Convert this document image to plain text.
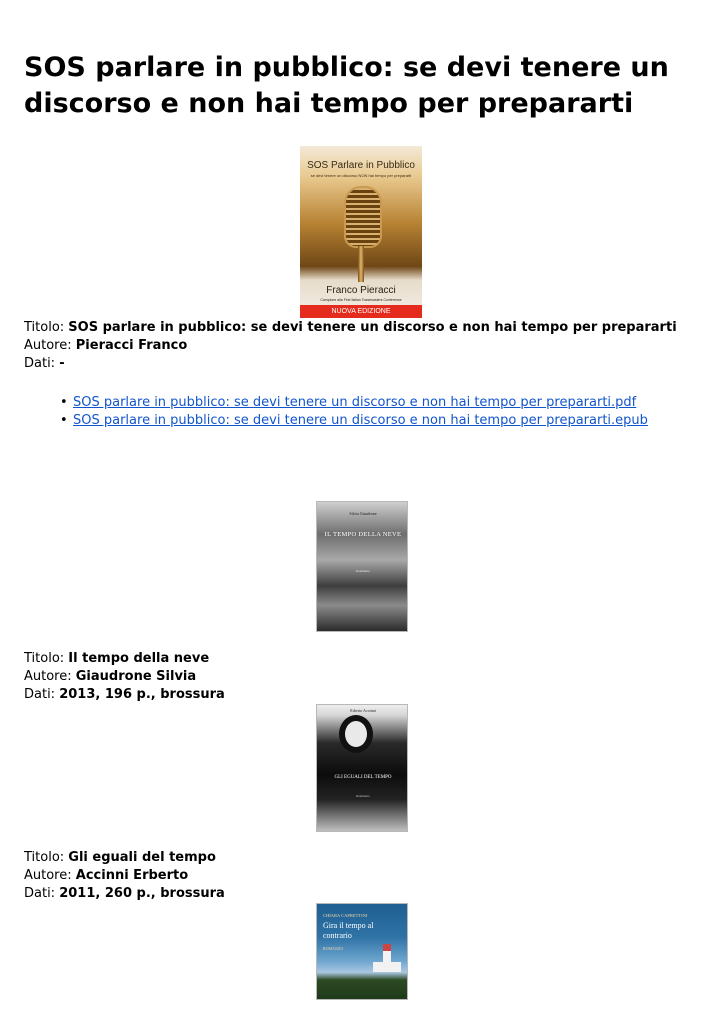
SOS parlare in pubblico: se devi tenere un discorso e non hai tempo per prepararti
SOS Parlare in Pubblico
se devi tenere un discorso NON hai tempo per prepararti
Franco Pieracci
Campione alla First Italian Toastmasters Conference
NUOVA EDIZIONE
Titolo: SOS parlare in pubblico: se devi tenere un discorso e non hai tempo per prepararti
Autore: Pieracci Franco
Dati: -
• SOS parlare in pubblico: se devi tenere un discorso e non hai tempo per prepararti.pdf
• SOS parlare in pubblico: se devi tenere un discorso e non hai tempo per prepararti.epub
Silvia Giaudrone
IL TEMPO DELLA NEVE
Romanzo
Titolo: Il tempo della neve
Autore: Giaudrone Silvia
Dati: 2013, 196 p., brossura
Erberto Accinni
GLI EGUALI DEL TEMPO
Romanzo
Titolo: Gli eguali del tempo
Autore: Accinni Erberto
Dati: 2011, 260 p., brossura
CHIARA CAPRETTINI
Gira il tempo al contrario
ROMANZO
